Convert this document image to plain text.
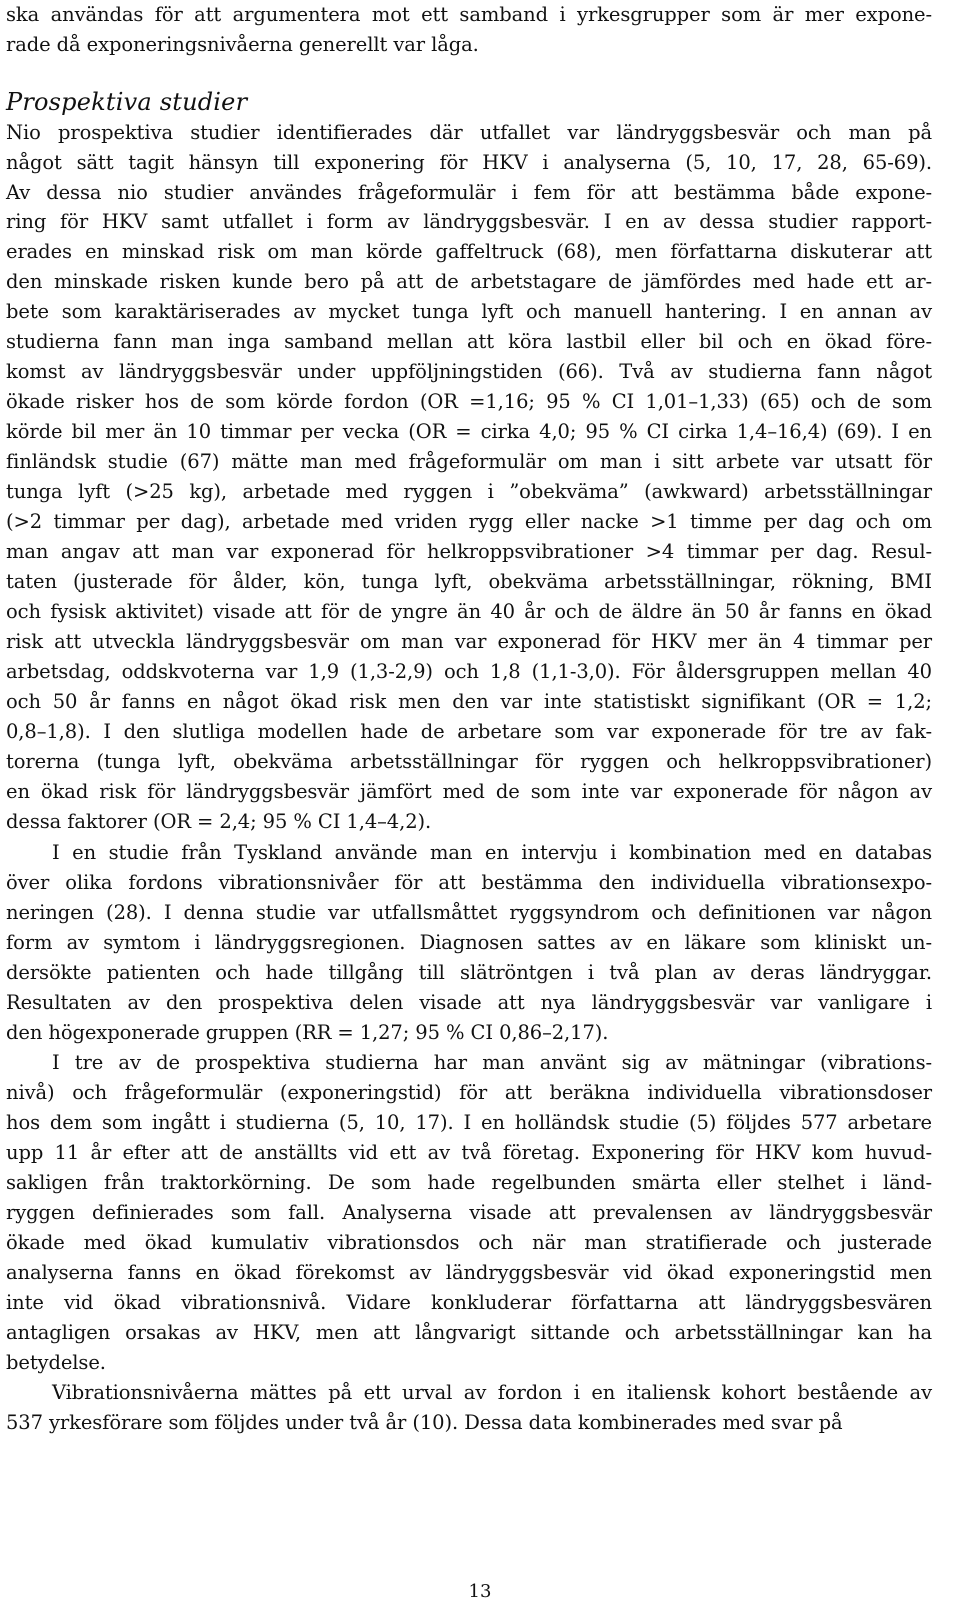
ska användas för att argumentera mot ett samband i yrkesgrupper som är mer expone-
rade då exponeringsnivåerna generellt var låga.
Prospektiva studier
Nio prospektiva studier identifierades där utfallet var ländryggsbesvär och man på
något sätt tagit hänsyn till exponering för HKV i analyserna (5, 10, 17, 28, 65-69).
Av dessa nio studier användes frågeformulär i fem för att bestämma både expone-
ring för HKV samt utfallet i form av ländryggsbesvär. I en av dessa studier rapport-
erades en minskad risk om man körde gaffeltruck (68), men författarna diskuterar att
den minskade risken kunde bero på att de arbetstagare de jämfördes med hade ett ar-
bete som karaktäriserades av mycket tunga lyft och manuell hantering. I en annan av
studierna fann man inga samband mellan att köra lastbil eller bil och en ökad före-
komst av ländryggsbesvär under uppföljningstiden (66). Två av studierna fann något
ökade risker hos de som körde fordon (OR =1,16; 95 % CI 1,01–1,33) (65) och de som
körde bil mer än 10 timmar per vecka (OR = cirka 4,0; 95 % CI cirka 1,4–16,4) (69). I en
finländsk studie (67) mätte man med frågeformulär om man i sitt arbete var utsatt för
tunga lyft (>25 kg), arbetade med ryggen i ”obekväma” (awkward) arbetsställningar
(>2 timmar per dag), arbetade med vriden rygg eller nacke >1 timme per dag och om
man angav att man var exponerad för helkroppsvibrationer >4 timmar per dag. Resul-
taten (justerade för ålder, kön, tunga lyft, obekväma arbetsställningar, rökning, BMI
och fysisk aktivitet) visade att för de yngre än 40 år och de äldre än 50 år fanns en ökad
risk att utveckla ländryggsbesvär om man var exponerad för HKV mer än 4 timmar per
arbetsdag, oddskvoterna var 1,9 (1,3-2,9) och 1,8 (1,1-3,0). För åldersgruppen mellan 40
och 50 år fanns en något ökad risk men den var inte statistiskt signifikant (OR = 1,2;
0,8–1,8). I den slutliga modellen hade de arbetare som var exponerade för tre av fak-
torerna (tunga lyft, obekväma arbetsställningar för ryggen och helkroppsvibrationer)
en ökad risk för ländryggsbesvär jämfört med de som inte var exponerade för någon av
dessa faktorer (OR = 2,4; 95 % CI 1,4–4,2).
I en studie från Tyskland använde man en intervju i kombination med en databas
över olika fordons vibrationsnivåer för att bestämma den individuella vibrationsexpo-
neringen (28). I denna studie var utfallsmåttet ryggsyndrom och definitionen var någon
form av symtom i ländryggsregionen. Diagnosen sattes av en läkare som kliniskt un-
dersökte patienten och hade tillgång till slätröntgen i två plan av deras ländryggar.
Resultaten av den prospektiva delen visade att nya ländryggsbesvär var vanligare i
den högexponerade gruppen (RR = 1,27; 95 % CI 0,86–2,17).
I tre av de prospektiva studierna har man använt sig av mätningar (vibrations-
nivå) och frågeformulär (exponeringstid) för att beräkna individuella vibrationsdoser
hos dem som ingått i studierna (5, 10, 17). I en holländsk studie (5) följdes 577 arbetare
upp 11 år efter att de anställts vid ett av två företag. Exponering för HKV kom huvud-
sakligen från traktorkörning. De som hade regelbunden smärta eller stelhet i länd-
ryggen definierades som fall. Analyserna visade att prevalensen av ländryggsbesvär
ökade med ökad kumulativ vibrationsdos och när man stratifierade och justerade
analyserna fanns en ökad förekomst av ländryggsbesvär vid ökad exponeringstid men
inte vid ökad vibrationsnivå. Vidare konkluderar författarna att ländryggsbesvären
antagligen orsakas av HKV, men att långvarigt sittande och arbetsställningar kan ha
betydelse.
Vibrationsnivåerna mättes på ett urval av fordon i en italiensk kohort bestående av
537 yrkesförare som följdes under två år (10). Dessa data kombinerades med svar på
13
